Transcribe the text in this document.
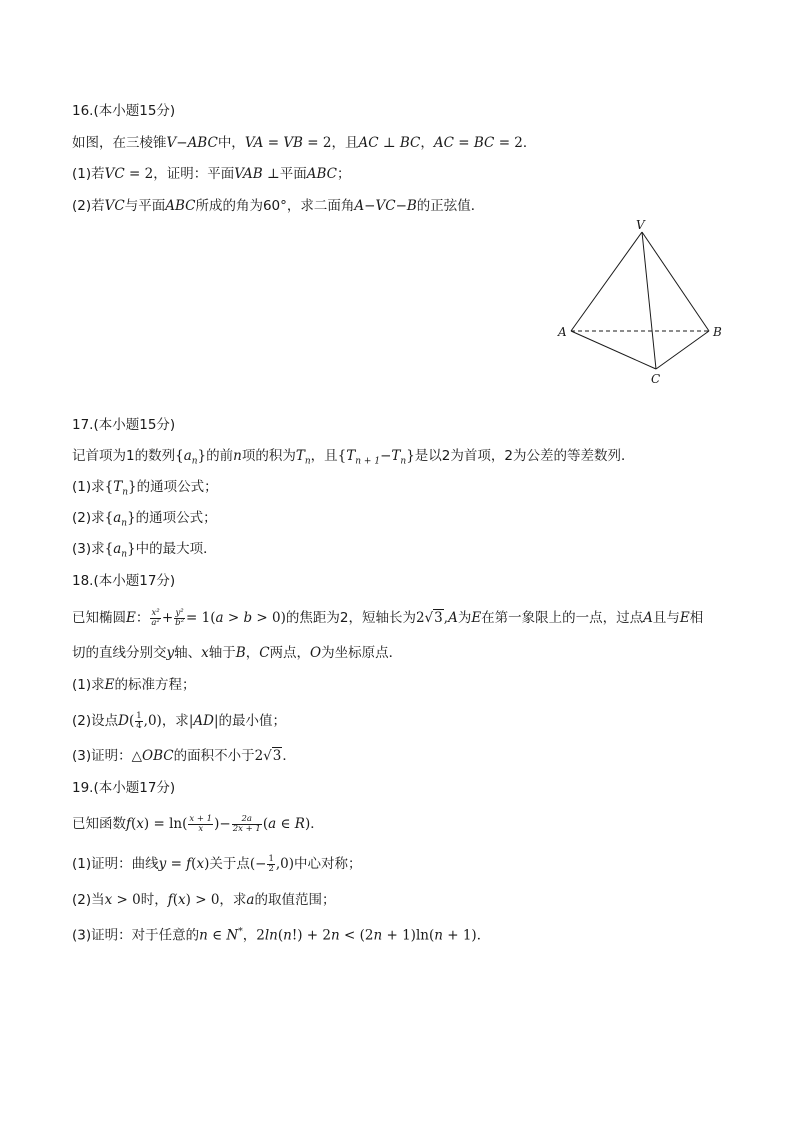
16.(本小题15分)
如图，在三棱锥V−ABC中，VA = VB = 2，且AC ⊥ BC，AC = BC = 2．
(1)若VC = 2，证明：平面VAB ⊥平面ABC；
(2)若VC与平面ABC所成的角为60°，求二面角A−VC−B的正弦值．
V
A	B
C
17.(本小题15分)
记首项为1的数列$\{a_n\}$的前n项的积为$T_n$，且$\{T_{n + 1}-T_n\}$是以2为首项，2为公差的等差数列．
(1)求$\{T_n\}$的通项公式；
(2)求$\{a_n\}$的通项公式；
(3)求$\{a_n\}$中的最大项．
18.(本小题17分)
已知椭圆E： $\frac{\text{x²}}{\text{a²}} + \frac{\text{y²}}{\text{b²}} = 1(a > b > 0)$的焦距为2，短轴长为2√3,A为E在第一象限上的一点，过点A且与E相
切的直线分别交y轴、x轴于B，C两点，O为坐标原点．
(1)求E的标准方程；
(2)设点$D( \frac{1}{4} ,0)$，求|AD|的最小值；
(3)证明：△OBC的面积不小于2√3．
19.(本小题17分)
已知函数$f(x) = \ln( \frac{x + 1}{x}$ )− $\frac{2a}{2x + 1} (a$ ∈ R)．
(1)证明：曲线y = f(x)关于点(− $\frac{1}{2} ,0$)中心对称；
(2)当x > 0时，f(x) > 0，求a的取值范围；
(3)证明：对于任意的n ∈ N*，2ln(n!) + 2n < (2n + 1)ln(n + 1)．
